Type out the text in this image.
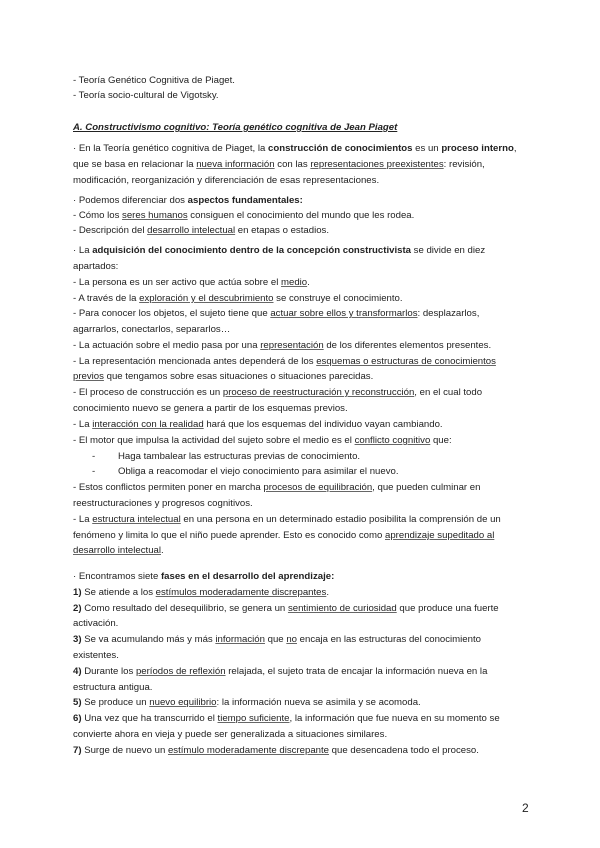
- Teoría Genético Cognitiva de Piaget.
- Teoría socio-cultural de Vigotsky.
A. Constructivismo cognitivo: Teoría genético cognitiva de Jean Piaget
· En la Teoría genético cognitiva de Piaget, la construcción de conocimientos es un proceso interno,
que se basa en relacionar la nueva información con las representaciones preexistentes: revisión,
modificación, reorganización y diferenciación de esas representaciones.
· Podemos diferenciar dos aspectos fundamentales:
- Cómo los seres humanos consiguen el conocimiento del mundo que les rodea.
- Descripción del desarrollo intelectual en etapas o estadios.
· La adquisición del conocimiento dentro de la concepción constructivista se divide en diez
apartados:
- La persona es un ser activo que actúa sobre el medio.
- A través de la exploración y el descubrimiento se construye el conocimiento.
- Para conocer los objetos, el sujeto tiene que actuar sobre ellos y transformarlos: desplazarlos,
agarrarlos, conectarlos, separarlos…
- La actuación sobre el medio pasa por una representación de los diferentes elementos presentes.
- La representación mencionada antes dependerá de los esquemas o estructuras de conocimientos
previos que tengamos sobre esas situaciones o situaciones parecidas.
- El proceso de construcción es un proceso de reestructuración y reconstrucción, en el cual todo
conocimiento nuevo se genera a partir de los esquemas previos.
- La interacción con la realidad hará que los esquemas del individuo vayan cambiando.
- El motor que impulsa la actividad del sujeto sobre el medio es el conflicto cognitivo que:
- Haga tambalear las estructuras previas de conocimiento.
- Obliga a reacomodar el viejo conocimiento para asimilar el nuevo.
- Estos conflictos permiten poner en marcha procesos de equilibración, que pueden culminar en
reestructuraciones y progresos cognitivos.
- La estructura intelectual en una persona en un determinado estadio posibilita la comprensión de un
fenómeno y limita lo que el niño puede aprender. Esto es conocido como aprendizaje supeditado al
desarrollo intelectual.
· Encontramos siete fases en el desarrollo del aprendizaje:
1) Se atiende a los estímulos moderadamente discrepantes.
2) Como resultado del desequilibrio, se genera un sentimiento de curiosidad que produce una fuerte
activación.
3) Se va acumulando más y más información que no encaja en las estructuras del conocimiento
existentes.
4) Durante los períodos de reflexión relajada, el sujeto trata de encajar la información nueva en la
estructura antigua.
5) Se produce un nuevo equilibrio: la información nueva se asimila y se acomoda.
6) Una vez que ha transcurrido el tiempo suficiente, la información que fue nueva en su momento se
convierte ahora en vieja y puede ser generalizada a situaciones similares.
7) Surge de nuevo un estímulo moderadamente discrepante que desencadena todo el proceso.
2
